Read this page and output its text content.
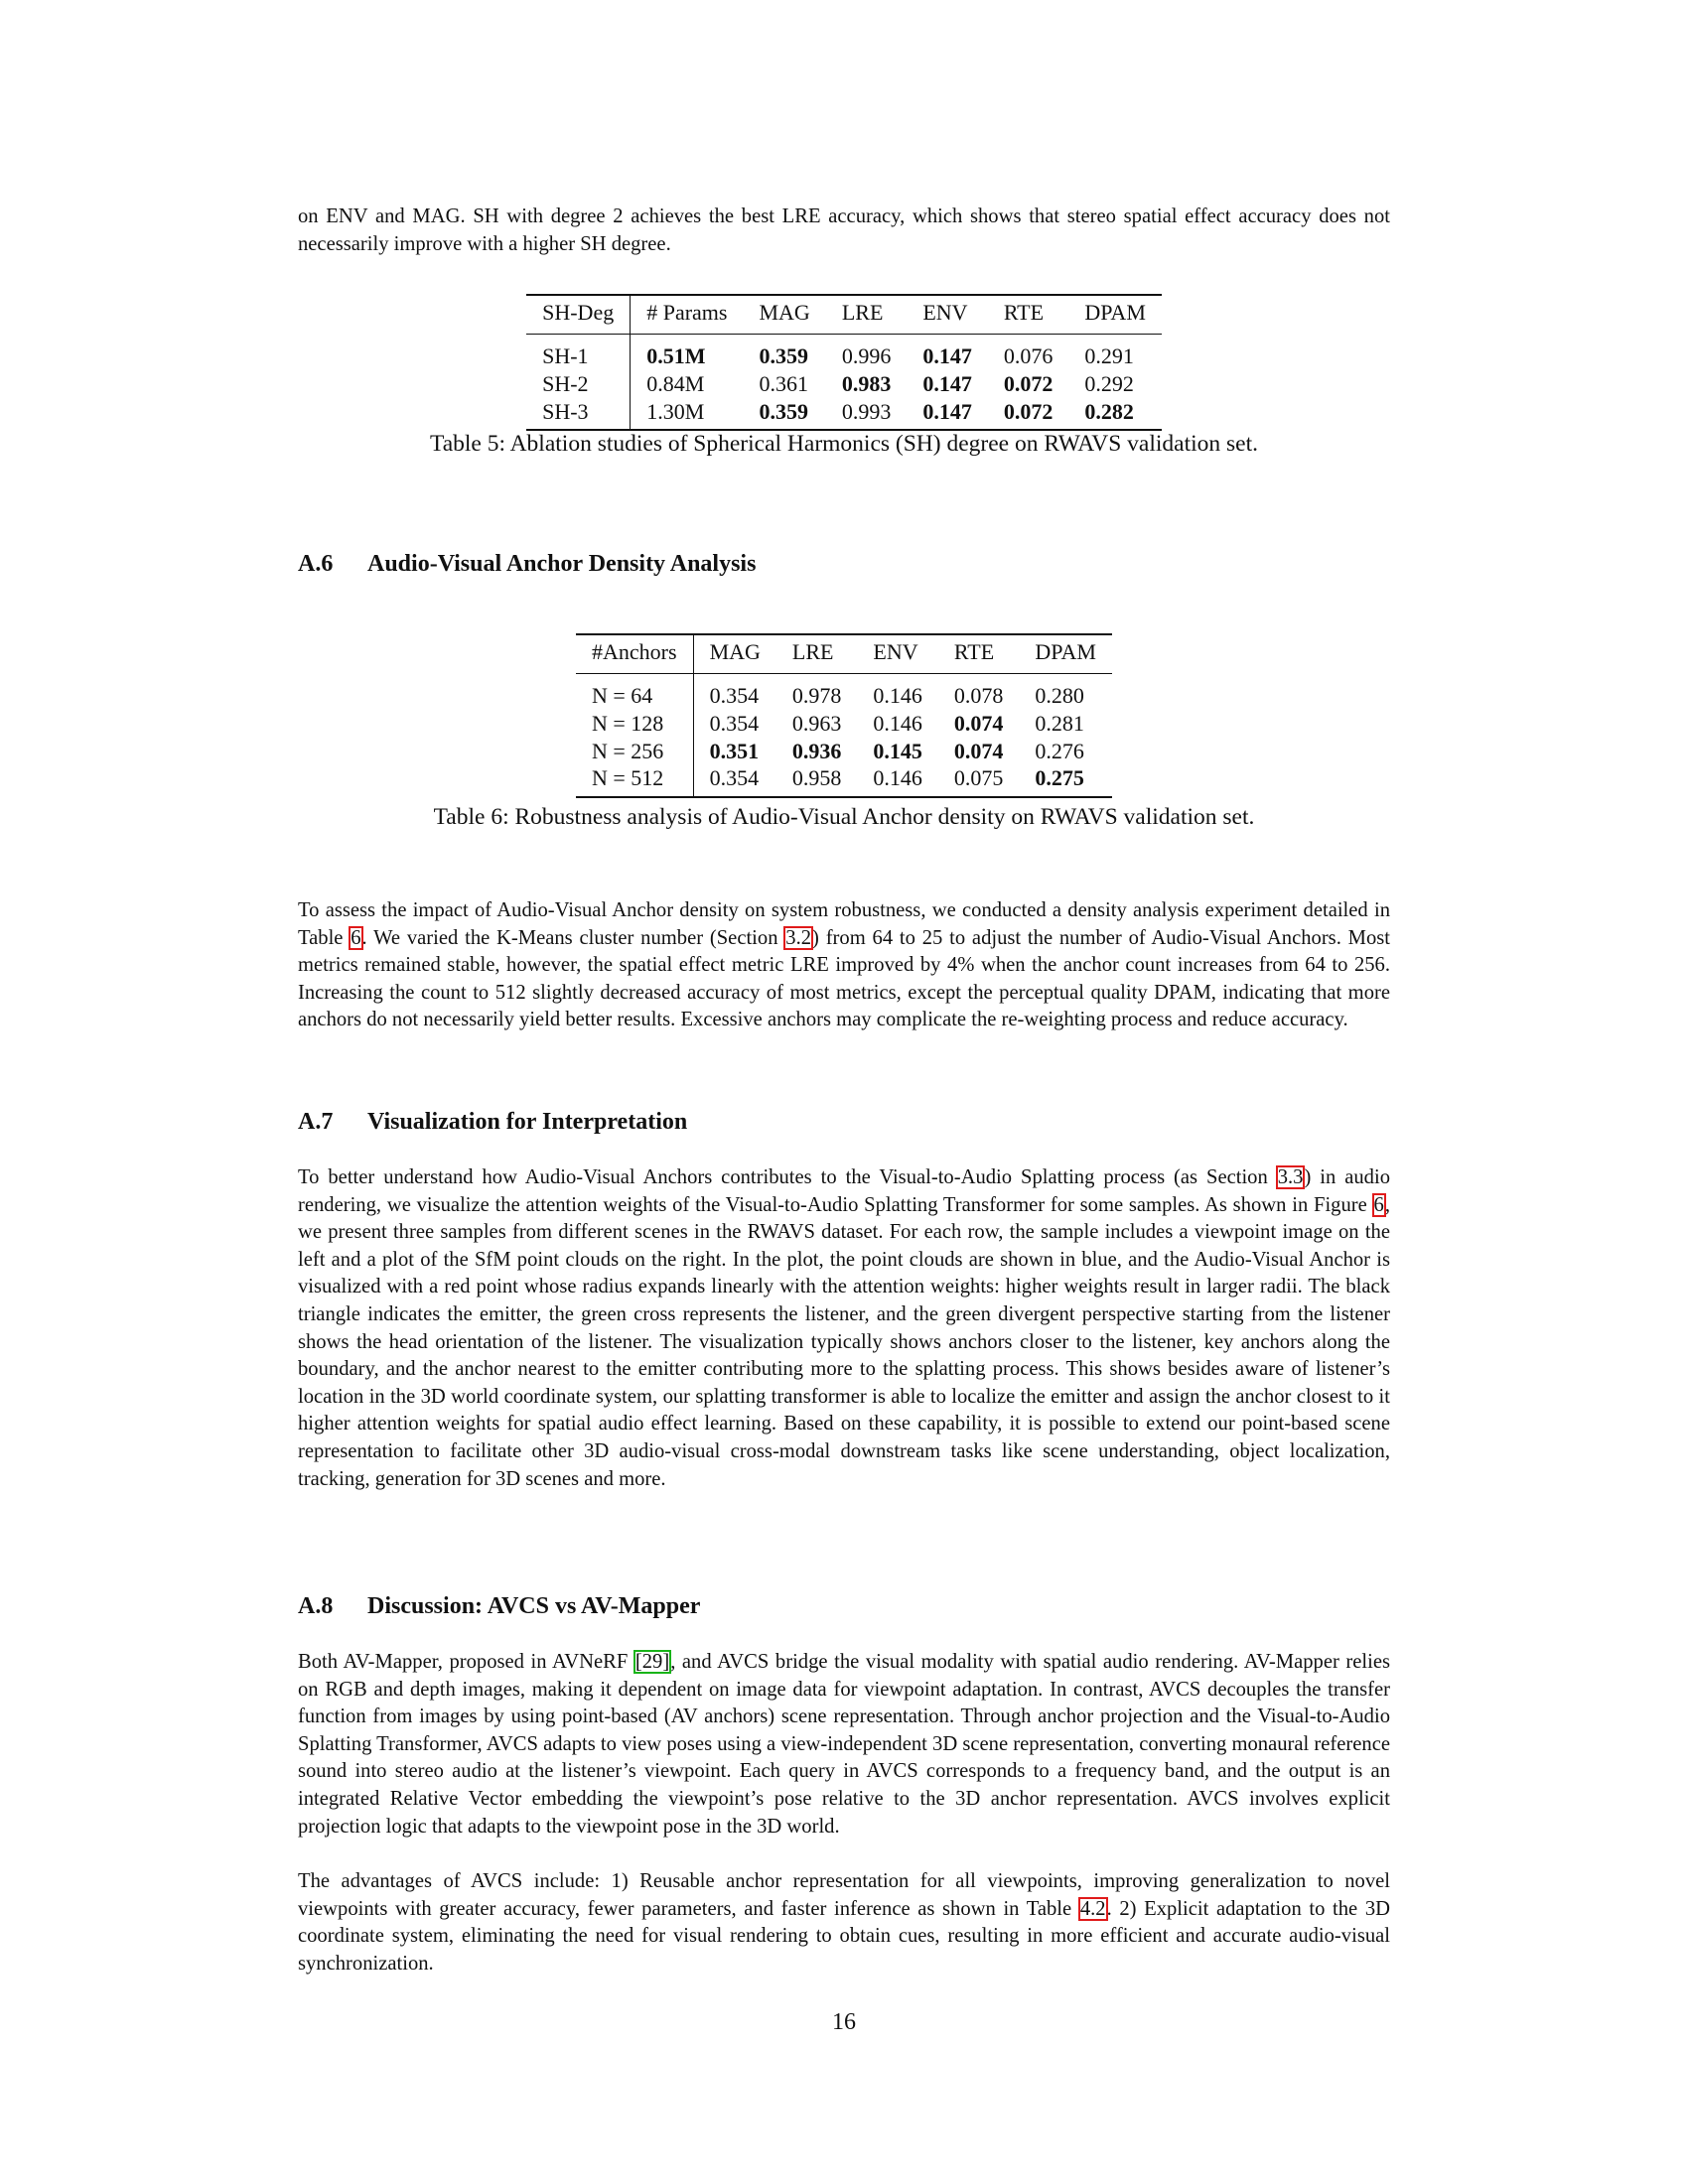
on ENV and MAG. SH with degree 2 achieves the best LRE accuracy, which shows that stereo spatial effect accuracy does not necessarily improve with a higher SH degree.

SH-Deg	# Params	MAG	LRE	ENV	RTE	DPAM
SH-1	0.51M	0.359	0.996	0.147	0.076	0.291
SH-2	0.84M	0.361	0.983	0.147	0.072	0.292
SH-3	1.30M	0.359	0.993	0.147	0.072	0.282

Table 5: Ablation studies of Spherical Harmonics (SH) degree on RWAVS validation set.

A.6 Audio-Visual Anchor Density Analysis
#Anchors	MAG	LRE	ENV	RTE	DPAM
N = 64	0.354	0.978	0.146	0.078	0.280
N = 128	0.354	0.963	0.146	0.074	0.281
N = 256	0.351	0.936	0.145	0.074	0.276
N = 512	0.354	0.958	0.146	0.075	0.275

Table 6: Robustness analysis of Audio-Visual Anchor density on RWAVS validation set.

To assess the impact of Audio-Visual Anchor density on system robustness, we conducted a density analysis experiment detailed in Table 6. We varied the K-Means cluster number (Section 3.2) from 64 to 25 to adjust the number of Audio-Visual Anchors. Most metrics remained stable, however, the spatial effect metric LRE improved by 4% when the anchor count increases from 64 to 256. Increasing the count to 512 slightly decreased accuracy of most metrics, except the perceptual quality DPAM, indicating that more anchors do not necessarily yield better results. Excessive anchors may complicate the re-weighting process and reduce accuracy.

A.7 Visualization for Interpretation

To better understand how Audio-Visual Anchors contributes to the Visual-to-Audio Splatting process (as Section 3.3) in audio rendering, we visualize the attention weights of the Visual-to-Audio Splatting Transformer for some samples. As shown in Figure 6, we present three samples from different scenes in the RWAVS dataset. For each row, the sample includes a viewpoint image on the left and a plot of the SfM point clouds on the right. In the plot, the point clouds are shown in blue, and the Audio-Visual Anchor is visualized with a red point whose radius expands linearly with the attention weights: higher weights result in larger radii. The black triangle indicates the emitter, the green cross represents the listener, and the green divergent perspective starting from the listener shows the head orientation of the listener. The visualization typically shows anchors closer to the listener, key anchors along the boundary, and the anchor nearest to the emitter contributing more to the splatting process. This shows besides aware of listener’s location in the 3D world coordinate system, our splatting transformer is able to localize the emitter and assign the anchor closest to it higher attention weights for spatial audio effect learning. Based on these capability, it is possible to extend our point-based scene representation to facilitate other 3D audio-visual cross-modal downstream tasks like scene understanding, object localization, tracking, generation for 3D scenes and more.

A.8 Discussion: AVCS vs AV-Mapper

Both AV-Mapper, proposed in AVNeRF [29], and AVCS bridge the visual modality with spatial audio rendering. AV-Mapper relies on RGB and depth images, making it dependent on image data for viewpoint adaptation. In contrast, AVCS decouples the transfer function from images by using point-based (AV anchors) scene representation. Through anchor projection and the Visual-to-Audio Splatting Transformer, AVCS adapts to view poses using a view-independent 3D scene representation, converting monaural reference sound into stereo audio at the listener’s viewpoint. Each query in AVCS corresponds to a frequency band, and the output is an integrated Relative Vector embedding the viewpoint’s pose relative to the 3D anchor representation. AVCS involves explicit projection logic that adapts to the viewpoint pose in the 3D world.

The advantages of AVCS include: 1) Reusable anchor representation for all viewpoints, improving generalization to novel viewpoints with greater accuracy, fewer parameters, and faster inference as shown in Table 4.2. 2) Explicit adaptation to the 3D coordinate system, eliminating the need for visual rendering to obtain cues, resulting in more efficient and accurate audio-visual synchronization.

16
